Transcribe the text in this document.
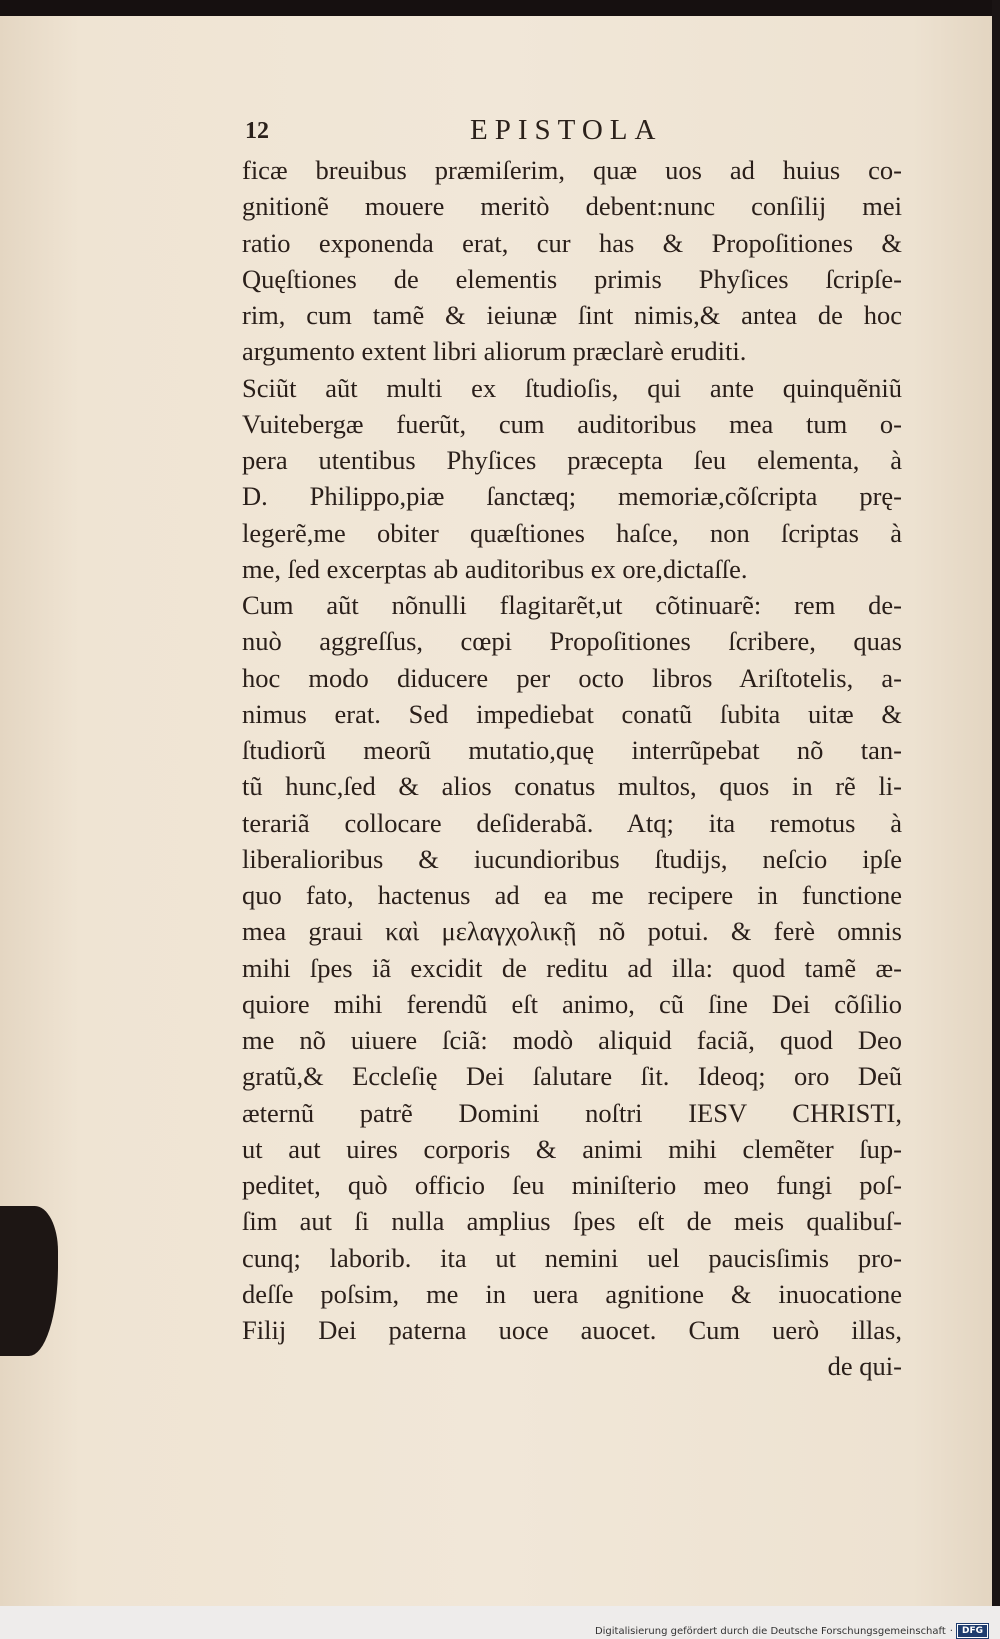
12	EPISTOLA
ficæ breuibus præmiſerim, quæ uos ad huius co-
gnitionẽ mouere meritò debent:nunc conſilij mei
ratio exponenda erat, cur has & Propoſitiones &
Quęſtiones de elementis primis Phyſices ſcripſe-
rim, cum tamẽ & ieiunæ ſint nimis,& antea de hoc
argumento extent libri aliorum præclarè eruditi.
Sciũt aũt multi ex ſtudioſis, qui ante quinquẽniũ
Vuitebergæ fuerũt, cum auditoribus mea tum o-
pera utentibus Phyſices præcepta ſeu elementa, à
D. Philippo,piæ ſanctæq; memoriæ,cõſcripta prę-
legerẽ,me obiter quæſtiones haſce, non ſcriptas à
me, ſed excerptas ab auditoribus ex ore,dictaſſe.
Cum aũt nõnulli flagitarẽt,ut cõtinuarẽ: rem de-
nuò aggreſſus, cœpi Propoſitiones ſcribere, quas
hoc modo diducere per octo libros Ariſtotelis, a-
nimus erat. Sed impediebat conatũ ſubita uitæ &
ſtudiorũ meorũ mutatio,quę interrũpebat nõ tan-
tũ hunc,ſed & alios conatus multos, quos in rẽ li-
terariã collocare deſiderabã. Atq; ita remotus à
liberalioribus & iucundioribus ſtudijs, neſcio ipſe
quo fato, hactenus ad ea me recipere in functione
mea graui καὶ μελαγχολικῇ nõ potui. & ferè omnis
mihi ſpes iã excidit de reditu ad illa: quod tamẽ æ-
quiore mihi ferendũ eſt animo, cũ ſine Dei cõſilio
me nõ uiuere ſciã: modò aliquid faciã, quod Deo
gratũ,& Eccleſię Dei ſalutare ſit. Ideoq; oro Deũ
æternũ patrẽ Domini noſtri IESV CHRISTI,
ut aut uires corporis & animi mihi clemẽter ſup-
peditet, quò officio ſeu miniſterio meo fungi poſ-
ſim aut ſi nulla amplius ſpes eſt de meis qualibuſ-
cunq; laborib. ita ut nemini uel paucisſimis pro-
deſſe poſsim, me in uera agnitione & inuocatione
Filij Dei paterna uoce auocet. Cum uerò illas,
de qui-
Digitalisierung gefördert durch die Deutsche Forschungsgemeinschaft ·	DFG
